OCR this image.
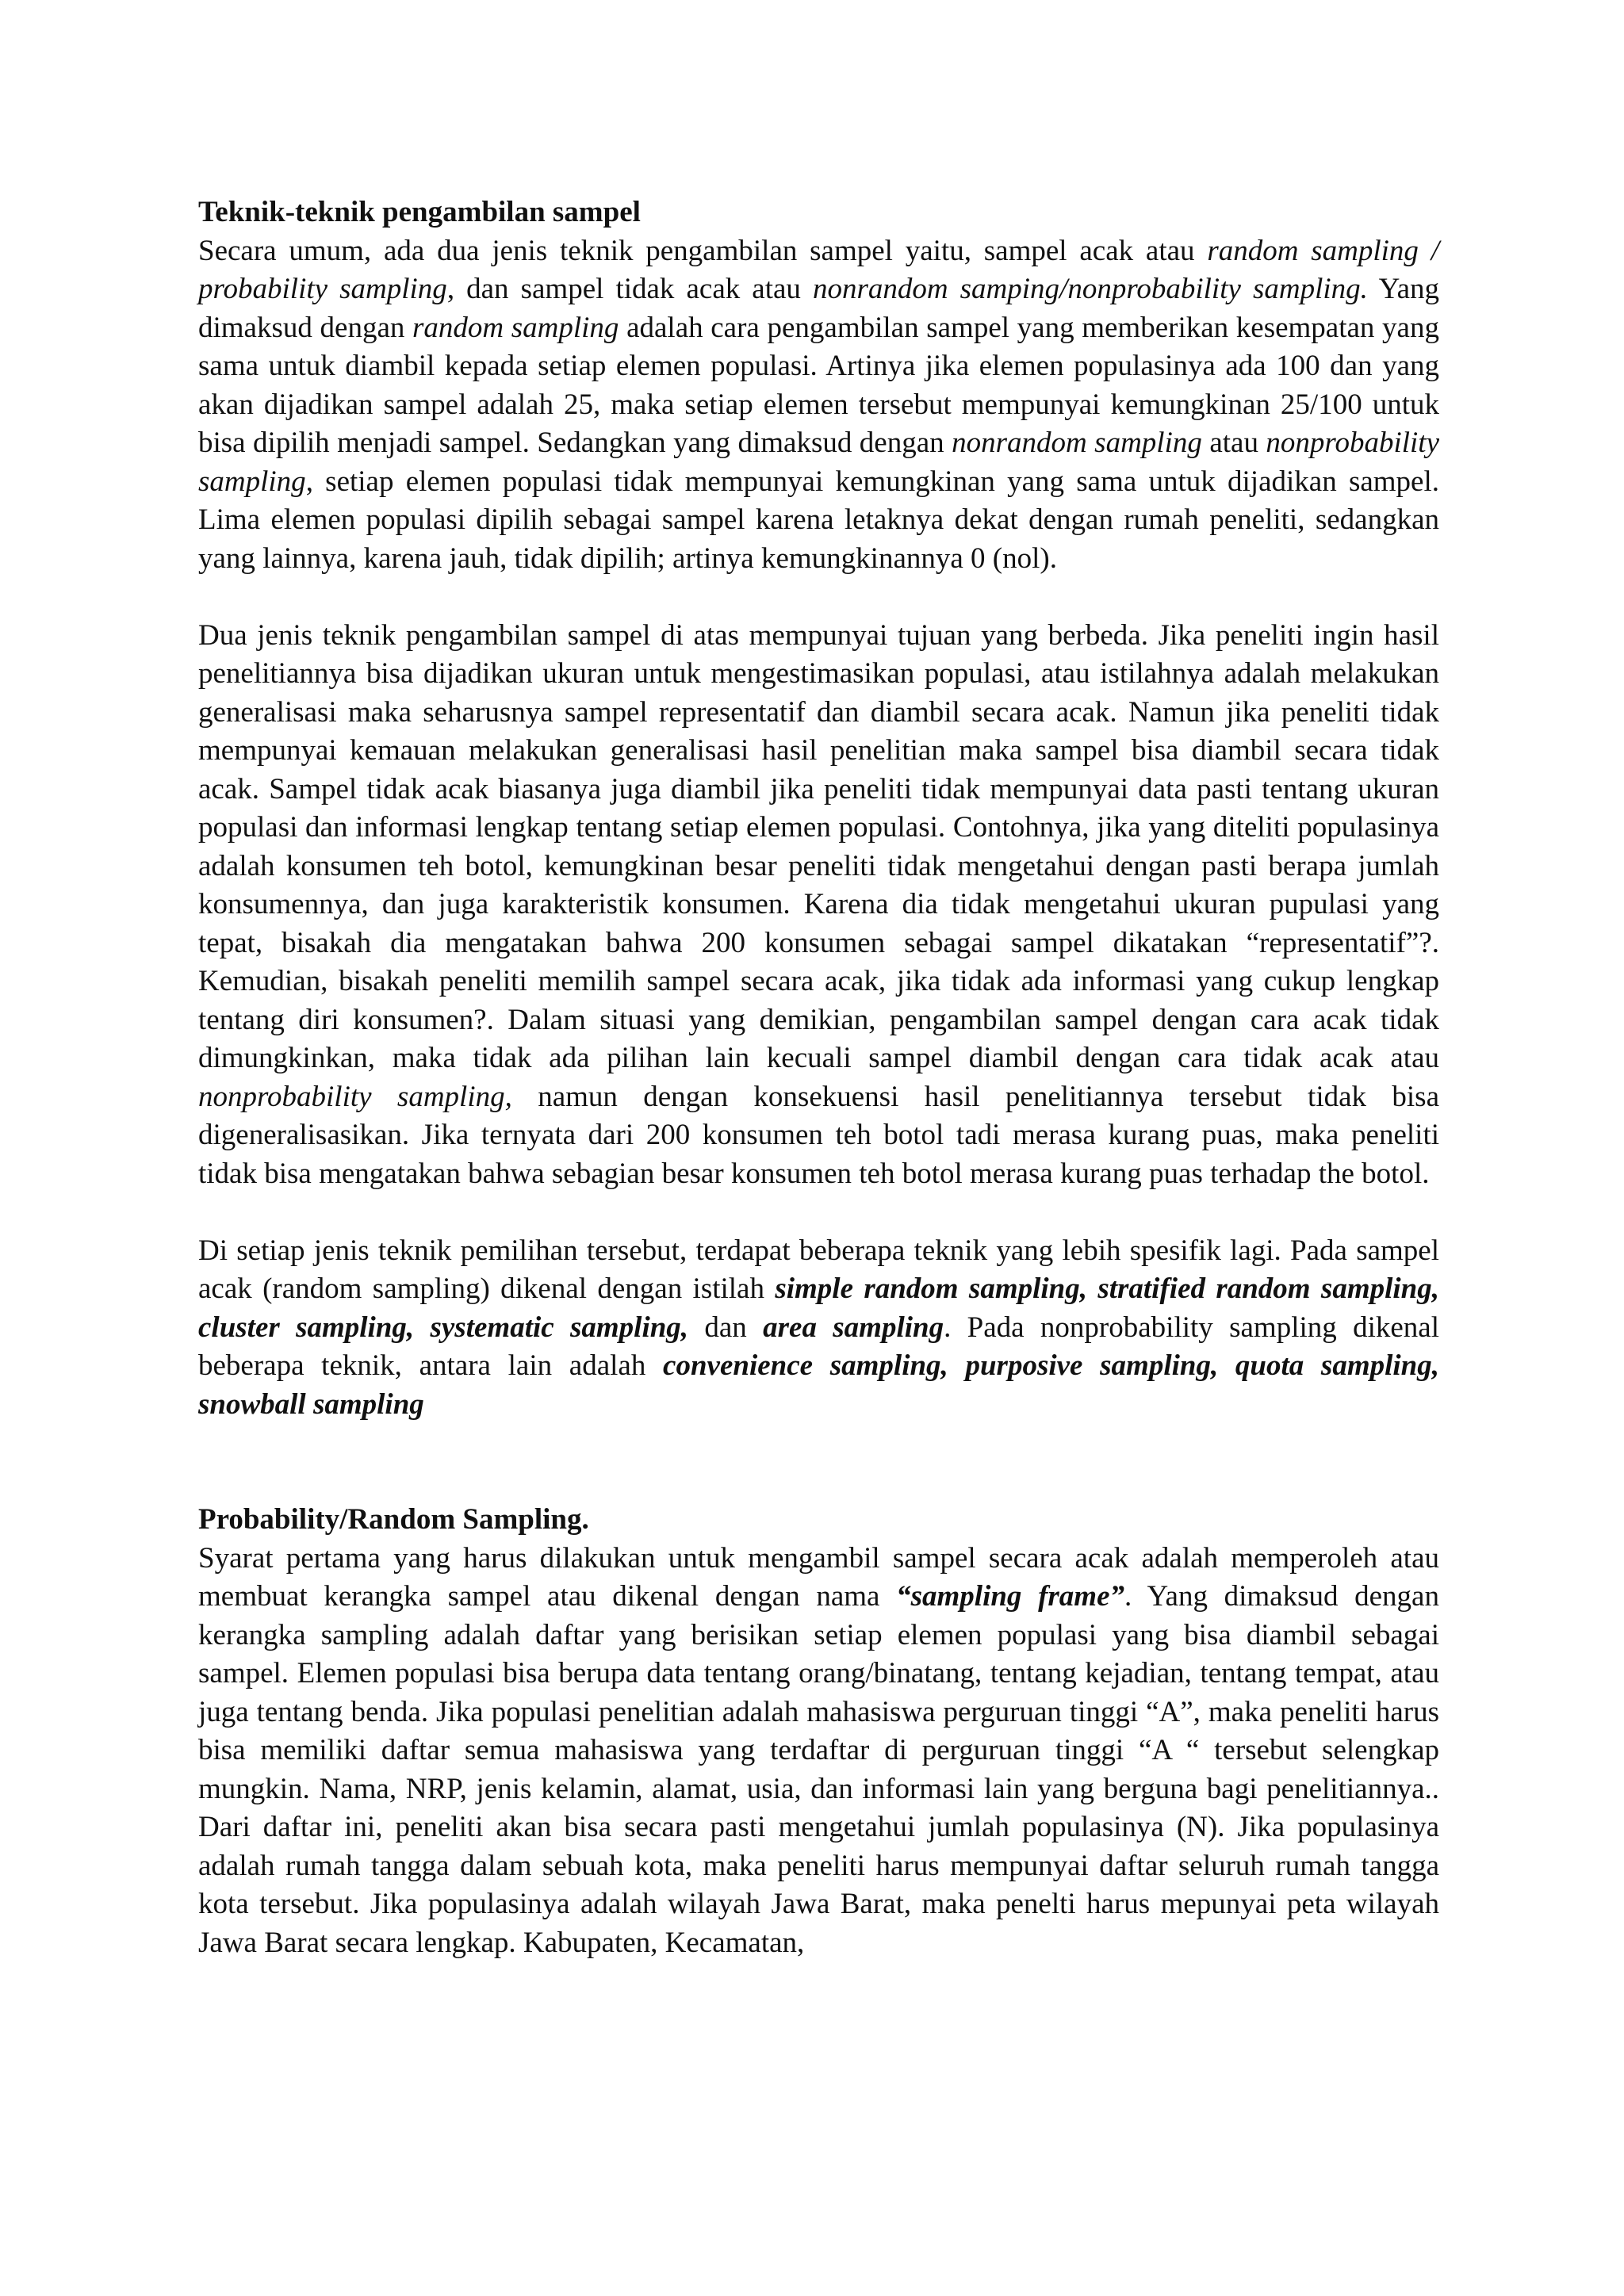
Teknik-teknik pengambilan sampel

Secara umum, ada dua jenis teknik pengambilan sampel yaitu, sampel acak atau random sampling / probability sampling, dan sampel tidak acak atau nonrandom samping/nonprobability sampling. Yang dimaksud dengan random sampling adalah cara pengambilan sampel yang memberikan kesempatan yang sama untuk diambil kepada setiap elemen populasi. Artinya jika elemen populasinya ada 100 dan yang akan dijadikan sampel adalah 25, maka setiap elemen tersebut mempunyai kemungkinan 25/100 untuk bisa dipilih menjadi sampel. Sedangkan yang dimaksud dengan nonrandom sampling atau nonprobability sampling, setiap elemen populasi tidak mempunyai kemungkinan yang sama untuk dijadikan sampel. Lima elemen populasi dipilih sebagai sampel karena letaknya dekat dengan rumah peneliti, sedangkan yang lainnya, karena jauh, tidak dipilih; artinya kemungkinannya 0 (nol).

Dua jenis teknik pengambilan sampel di atas mempunyai tujuan yang berbeda. Jika peneliti ingin hasil penelitiannya bisa dijadikan ukuran untuk mengestimasikan populasi, atau istilahnya adalah melakukan generalisasi maka seharusnya sampel representatif dan diambil secara acak. Namun jika peneliti tidak mempunyai kemauan melakukan generalisasi hasil penelitian maka sampel bisa diambil secara tidak acak. Sampel tidak acak biasanya juga diambil jika peneliti tidak mempunyai data pasti tentang ukuran populasi dan informasi lengkap tentang setiap elemen populasi. Contohnya, jika yang diteliti populasinya adalah konsumen teh botol, kemungkinan besar peneliti tidak mengetahui dengan pasti berapa jumlah konsumennya, dan juga karakteristik konsumen. Karena dia tidak mengetahui ukuran pupulasi yang tepat, bisakah dia mengatakan bahwa 200 konsumen sebagai sampel dikatakan “representatif”?. Kemudian, bisakah peneliti memilih sampel secara acak, jika tidak ada informasi yang cukup lengkap tentang diri konsumen?. Dalam situasi yang demikian, pengambilan sampel dengan cara acak tidak dimungkinkan, maka tidak ada pilihan lain kecuali sampel diambil dengan cara tidak acak atau nonprobability sampling, namun dengan konsekuensi hasil penelitiannya tersebut tidak bisa digeneralisasikan. Jika ternyata dari 200 konsumen teh botol tadi merasa kurang puas, maka peneliti tidak bisa mengatakan bahwa sebagian besar konsumen teh botol merasa kurang puas terhadap the botol.

Di setiap jenis teknik pemilihan tersebut, terdapat beberapa teknik yang lebih spesifik lagi. Pada sampel acak (random sampling) dikenal dengan istilah simple random sampling, stratified random sampling, cluster sampling, systematic sampling, dan area sampling. Pada nonprobability sampling dikenal beberapa teknik, antara lain adalah convenience sampling, purposive sampling, quota sampling, snowball sampling

Probability/Random Sampling.

Syarat pertama yang harus dilakukan untuk mengambil sampel secara acak adalah memperoleh atau membuat kerangka sampel atau dikenal dengan nama “sampling frame”. Yang dimaksud dengan kerangka sampling adalah daftar yang berisikan setiap elemen populasi yang bisa diambil sebagai sampel. Elemen populasi bisa berupa data tentang orang/binatang, tentang kejadian, tentang tempat, atau juga tentang benda. Jika populasi penelitian adalah mahasiswa perguruan tinggi “A”, maka peneliti harus bisa memiliki daftar semua mahasiswa yang terdaftar di perguruan tinggi “A “ tersebut selengkap mungkin. Nama, NRP, jenis kelamin, alamat, usia, dan informasi lain yang berguna bagi penelitiannya.. Dari daftar ini, peneliti akan bisa secara pasti mengetahui jumlah populasinya (N). Jika populasinya adalah rumah tangga dalam sebuah kota, maka peneliti harus mempunyai daftar seluruh rumah tangga kota tersebut. Jika populasinya adalah wilayah Jawa Barat, maka penelti harus mepunyai peta wilayah Jawa Barat secara lengkap. Kabupaten, Kecamatan,
